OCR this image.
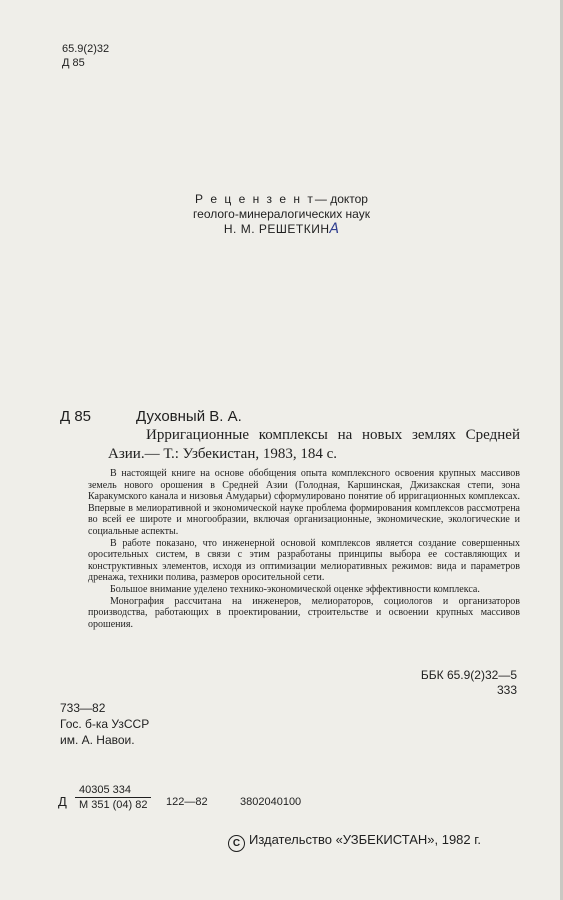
65.9(2)32
Д 85
Р е ц е н з е н т— доктор
геолого-минералогических наук
Н. М. РЕШЕТКИНА
Д 85	Духовный В. А.
Ирригационные комплексы на новых землях Средней Азии.— Т.: Узбекистан, 1983, 184 с.

В настоящей книге на основе обобщения опыта комплексного освоения крупных массивов земель нового орошения в Средней Азии (Голодная, Каршинская, Джизакская степи, зона Каракумского канала и низовья Амударьи) сформулировано понятие об ирригационных комплексах. Впервые в мелиоративной и экономической науке проблема формирования комплексов рассмотрена во всей ее широте и многообразии, включая организационные, экономические, экологические и социальные аспекты.

В работе показано, что инженерной основой комплексов является создание совершенных оросительных систем, в связи с этим разработаны принципы выбора ее составляющих и конструктивных элементов, исходя из оптимизации мелиоративных режимов: вида и параметров дренажа, техники полива, размеров оросительной сети.

Большое внимание уделено технико-экономической оценке эффективности комплекса.

Монография рассчитана на инженеров, мелиораторов, социологов и организаторов производства, работающих в проектировании, строительстве и освоении крупных массивов орошения.

ББК 65.9(2)32—5
333
733—82
Гос. б-ка УзССР
им. А. Навои.
Д
40305 334
М 351 (04) 82	122—82	3802040100
C Издательство «УЗБЕКИСТАН», 1982 г.
